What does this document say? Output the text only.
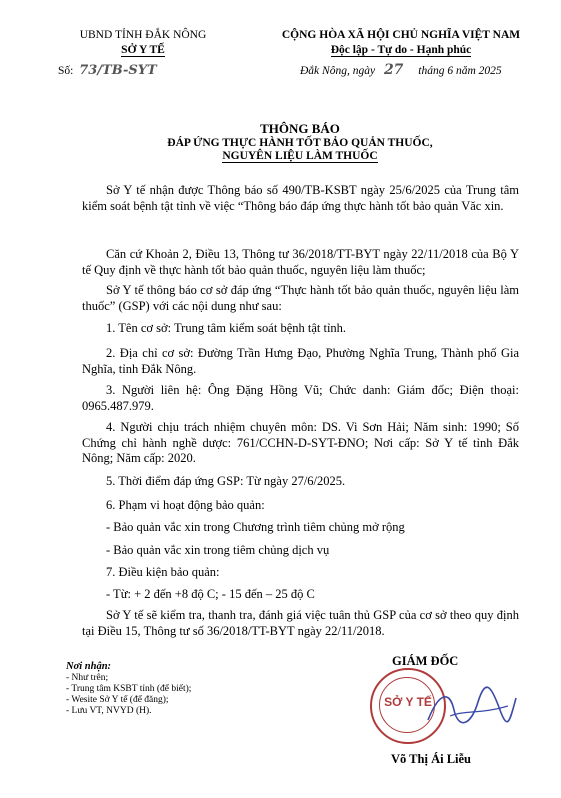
UBND TỈNH ĐẮK NÔNG
SỞ Y TẾ
Số: 73/TB-SYT
CỘNG HÒA XÃ HỘI CHỦ NGHĨA VIỆT NAM
Độc lập - Tự do - Hạnh phúc
Đắk Nông, ngày 27 tháng 6 năm 2025
THÔNG BÁO
ĐÁP ỨNG THỰC HÀNH TỐT BẢO QUẢN THUỐC,
NGUYÊN LIỆU LÀM THUỐC
Sở Y tế nhận được Thông báo số 490/TB-KSBT ngày 25/6/2025 của Trung tâm kiểm soát bệnh tật tỉnh về việc “Thông báo đáp ứng thực hành tốt bảo quản Văc xin.
Căn cứ Khoản 2, Điều 13, Thông tư 36/2018/TT-BYT ngày 22/11/2018 của Bộ Y tế Quy định về thực hành tốt bảo quản thuốc, nguyên liệu làm thuốc;
Sở Y tế thông báo cơ sở đáp ứng “Thực hành tốt bảo quản thuốc, nguyên liệu làm thuốc” (GSP) với các nội dung như sau:
1. Tên cơ sở: Trung tâm kiểm soát bệnh tật tỉnh.
2. Địa chỉ cơ sở: Đường Trần Hưng Đạo, Phường Nghĩa Trung, Thành phố Gia Nghĩa, tỉnh Đắk Nông.
3. Người liên hệ: Ông Đặng Hồng Vũ; Chức danh: Giám đốc; Điện thoại: 0965.487.979.
4. Người chịu trách nhiệm chuyên môn: DS. Vi Sơn Hải; Năm sinh: 1990; Số Chứng chỉ hành nghề dược: 761/CCHN-D-SYT-ĐNO; Nơi cấp: Sở Y tế tỉnh Đắk Nông; Năm cấp: 2020.
5. Thời điểm đáp ứng GSP: Từ ngày 27/6/2025.
6. Phạm vi hoạt động bảo quản:
- Bảo quản vắc xin trong Chương trình tiêm chủng mở rộng
- Bảo quản vắc xin trong tiêm chủng dịch vụ
7. Điều kiện bảo quản:
- Từ: + 2 đến +8 độ C; - 15 đến – 25 độ C
Sở Y tế sẽ kiểm tra, thanh tra, đánh giá việc tuân thủ GSP của cơ sở theo quy định tại Điều 15, Thông tư số 36/2018/TT-BYT ngày 22/11/2018.
Nơi nhận:
- Như trên;
- Trung tâm KSBT tỉnh (để biết);
- Wesite Sở Y tế (để đăng);
- Lưu VT, NVYD (H).
GIÁM ĐỐC
SỞ Y TẾ
Võ Thị Ái Liễu
